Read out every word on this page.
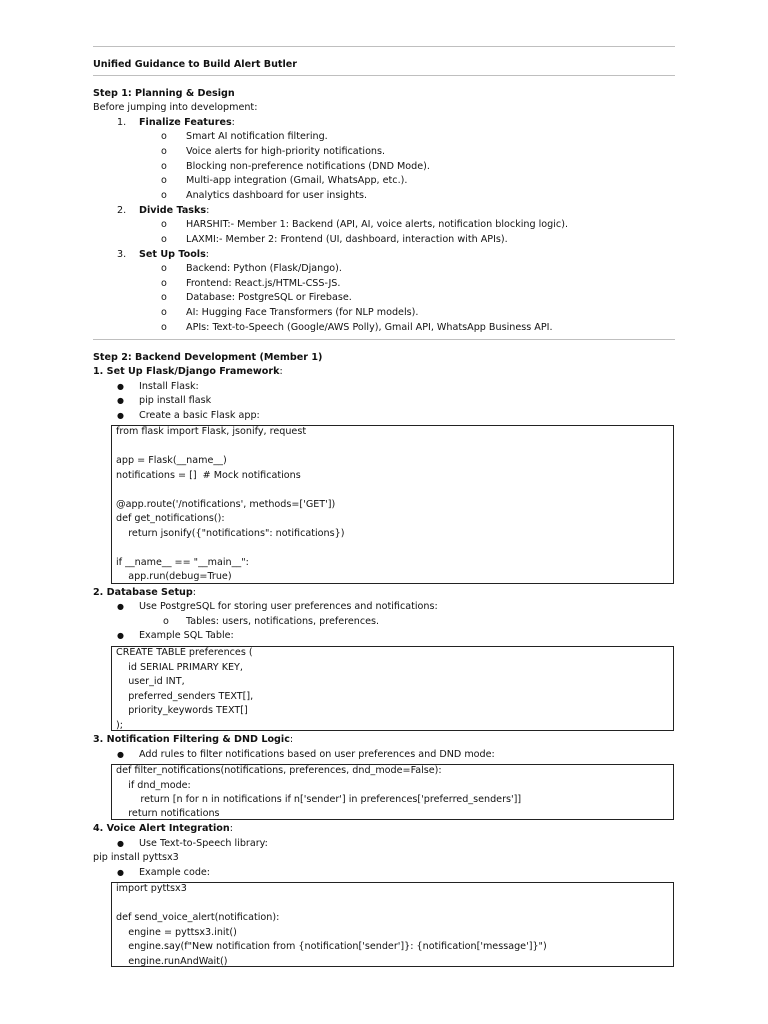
Unified Guidance to Build Alert Butler
Step 1: Planning & Design
Before jumping into development:
1. Finalize Features:
o Smart AI notification filtering.
o Voice alerts for high-priority notifications.
o Blocking non-preference notifications (DND Mode).
o Multi-app integration (Gmail, WhatsApp, etc.).
o Analytics dashboard for user insights.
2. Divide Tasks:
o HARSHIT:- Member 1: Backend (API, AI, voice alerts, notification blocking logic).
o LAXMI:- Member 2: Frontend (UI, dashboard, interaction with APIs).
3. Set Up Tools:
o Backend: Python (Flask/Django).
o Frontend: React.js/HTML-CSS-JS.
o Database: PostgreSQL or Firebase.
o AI: Hugging Face Transformers (for NLP models).
o APIs: Text-to-Speech (Google/AWS Polly), Gmail API, WhatsApp Business API.
Step 2: Backend Development (Member 1)
1. Set Up Flask/Django Framework:
● Install Flask:
● pip install flask
● Create a basic Flask app:
from flask import Flask, jsonify, request
app = Flask(__name__)
notifications = []  # Mock notifications
@app.route('/notifications', methods=['GET'])
def get_notifications():
return jsonify({"notifications": notifications})
if __name__ == "__main__":
app.run(debug=True)
2. Database Setup:
● Use PostgreSQL for storing user preferences and notifications:
o Tables: users, notifications, preferences.
● Example SQL Table:
CREATE TABLE preferences (
id SERIAL PRIMARY KEY,
user_id INT,
preferred_senders TEXT[],
priority_keywords TEXT[]
);
3. Notification Filtering & DND Logic:
● Add rules to filter notifications based on user preferences and DND mode:
def filter_notifications(notifications, preferences, dnd_mode=False):
if dnd_mode:
return [n for n in notifications if n['sender'] in preferences['preferred_senders']]
return notifications
4. Voice Alert Integration:
● Use Text-to-Speech library:
pip install pyttsx3
● Example code:
import pyttsx3
def send_voice_alert(notification):
engine = pyttsx3.init()
engine.say(f"New notification from {notification['sender']}: {notification['message']}")
engine.runAndWait()
